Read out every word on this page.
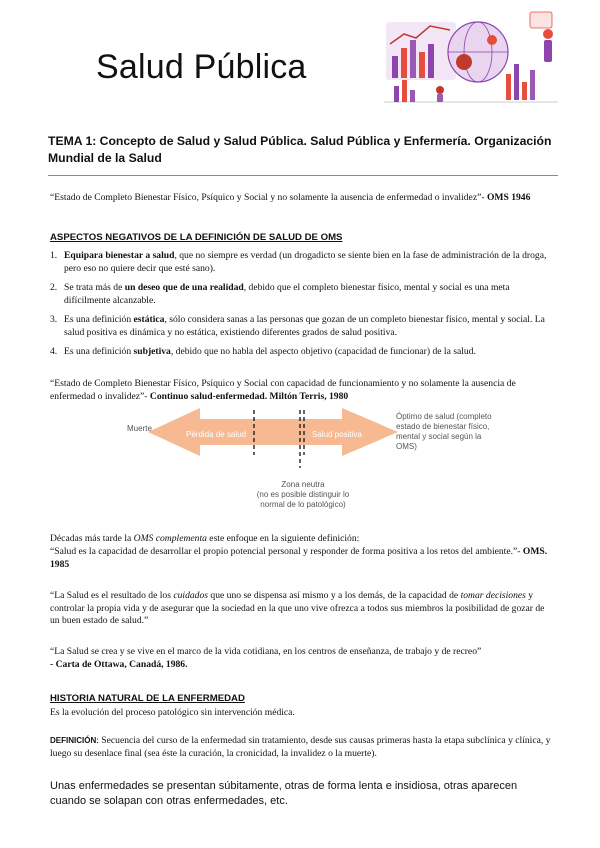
Salud Pública
TEMA 1: Concepto de Salud y Salud Pública. Salud Pública y Enfermería. Organización Mundial de la Salud
“Estado de Completo Bienestar Físico, Psíquico y Social y no solamente la ausencia de enfermedad o invalidez”- OMS 1946
ASPECTOS NEGATIVOS DE LA DEFINICIÓN DE SALUD DE OMS
1. Equipara bienestar a salud, que no siempre es verdad (un drogadicto se siente bien en la fase de administración de la droga, pero eso no quiere decir que esté sano).
2. Se trata más de un deseo que de una realidad, debido que el completo bienestar físico, mental y social es una meta difícilmente alcanzable.
3. Es una definición estática, sólo considera sanas a las personas que gozan de un completo bienestar físico, mental y social. La salud positiva es dinámica y no estática, existiendo diferentes grados de salud positiva.
4. Es una definición subjetiva, debido que no habla del aspecto objetivo (capacidad de funcionar) de la salud.
“Estado de Completo Bienestar Físico, Psíquico y Social con capacidad de funcionamiento y no solamente la ausencia de enfermedad o invalidez”- Continuo salud-enfermedad. Miltón Terris, 1980
Muerte
Pérdida de salud	Salud positiva
Óptimo de salud (completo
estado de bienestar físico,
mental y social según la
OMS)
Zona neutra
(no es posible distinguir lo
normal de lo patológico)
Décadas más tarde la OMS complementa este enfoque en la siguiente definición:
“Salud es la capacidad de desarrollar el propio potencial personal y responder de forma positiva a los retos del ambiente.”- OMS. 1985
“La Salud es el resultado de los cuidados que uno se dispensa así mismo y a los demás, de la capacidad de tomar decisiones y controlar la propia vida y de asegurar que la sociedad en la que uno vive ofrezca a todos sus miembros la posibilidad de gozar de un buen estado de salud.”
“La Salud se crea y se vive en el marco de la vida cotidiana, en los centros de enseñanza, de trabajo y de recreo”
- Carta de Ottawa, Canadá, 1986.
HISTORIA NATURAL DE LA ENFERMEDAD
Es la evolución del proceso patológico sin intervención médica.
DEFINICIÓN: Secuencia del curso de la enfermedad sin tratamiento, desde sus causas primeras hasta la etapa subclínica y clínica, y luego su desenlace final (sea éste la curación, la cronicidad, la invalidez o la muerte).
Unas enfermedades se presentan súbitamente, otras de forma lenta e insidiosa, otras aparecen cuando se solapan con otras enfermedades, etc.
